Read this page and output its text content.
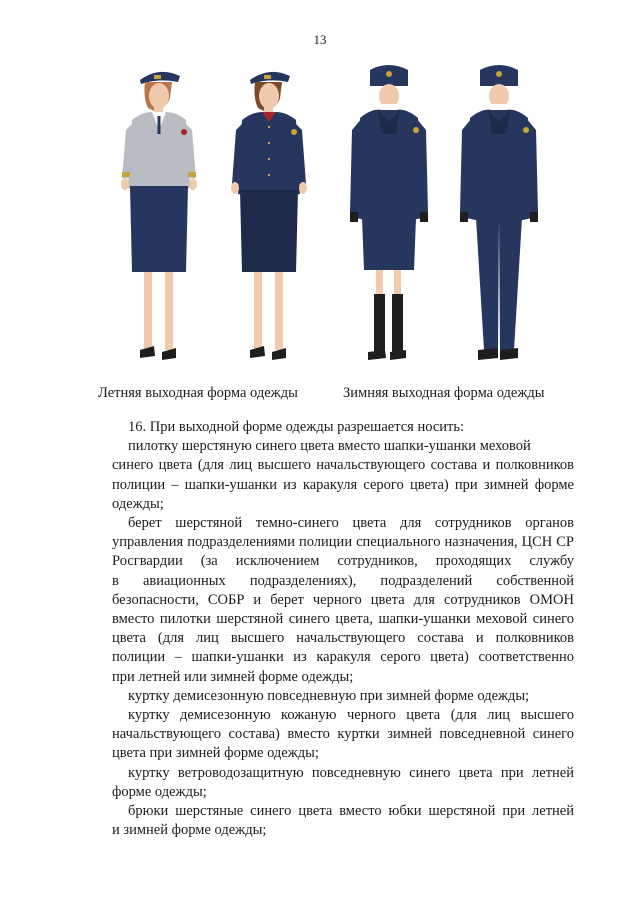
13
Летняя выходная форма одежды	Зимняя выходная форма одежды
16. При выходной форме одежды разрешается носить:
пилотку шерстяную синего цвета вместо шапки-ушанки меховой
синего цвета (для лиц высшего начальствующего состава и полковников
полиции – шапки-ушанки из каракуля серого цвета) при зимней форме
одежды;
берет шерстяной темно-синего цвета для сотрудников органов
управления подразделениями полиции специального назначения, ЦСН СР
Росгвардии (за исключением сотрудников, проходящих службу
в авиационных подразделениях), подразделений собственной
безопасности, СОБР и берет черного цвета для сотрудников ОМОН
вместо пилотки шерстяной синего цвета, шапки-ушанки меховой синего
цвета (для лиц высшего начальствующего состава и полковников
полиции – шапки-ушанки из каракуля серого цвета) соответственно
при летней или зимней форме одежды;
куртку демисезонную повседневную при зимней форме одежды;
куртку демисезонную кожаную черного цвета (для лиц высшего
начальствующего состава) вместо куртки зимней повседневной синего
цвета при зимней форме одежды;
куртку ветроводозащитную повседневную синего цвета при летней
форме одежды;
брюки шерстяные синего цвета вместо юбки шерстяной при летней
и зимней форме одежды;
